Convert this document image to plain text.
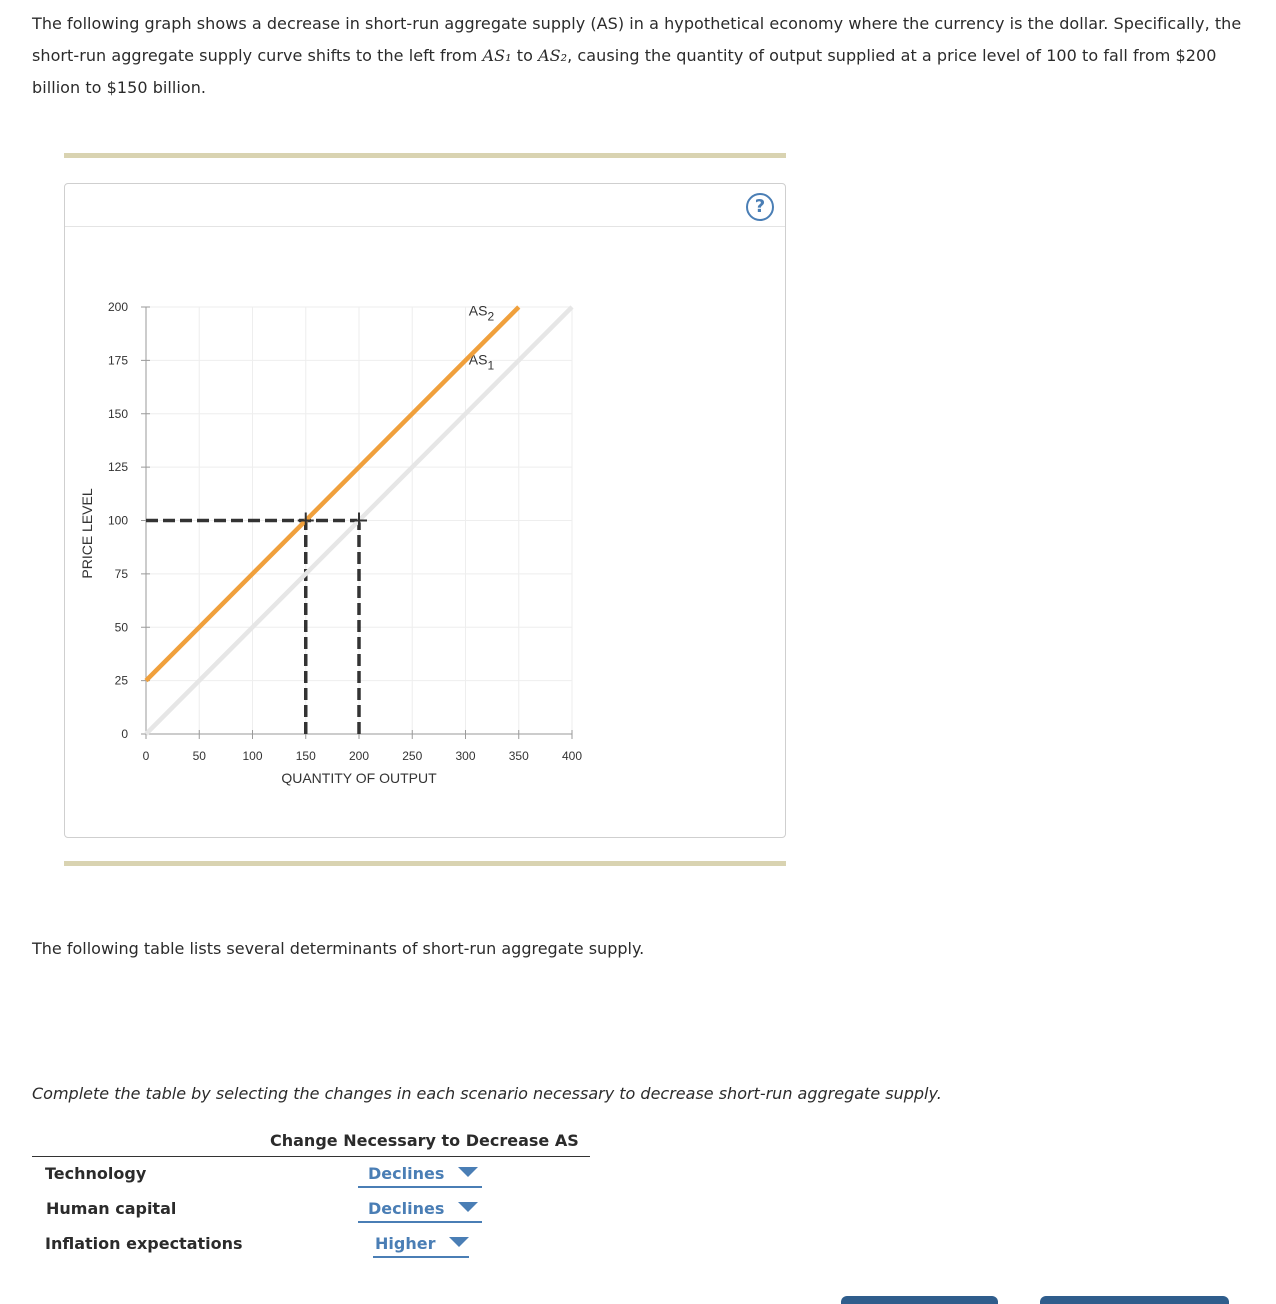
The following graph shows a decrease in short-run aggregate supply (AS) in a hypothetical economy where the currency is the dollar. Specifically, the short-run aggregate supply curve shifts to the left from AS₁ to AS₂, causing the quantity of output supplied at a price level of 100 to fall from $200 billion to $150 billion.

?
0
25
50
75
100
125
150
175
200
0	50	100	150	200	250	300	350	400
QUANTITY OF OUTPUT
PRICE LEVEL
AS1
AS2

The following table lists several determinants of short-run aggregate supply.

Complete the table by selecting the changes in each scenario necessary to decrease short-run aggregate supply.

Change Necessary to Decrease AS
Technology	Declines
Human capital	Declines
Inflation expectations	Higher
